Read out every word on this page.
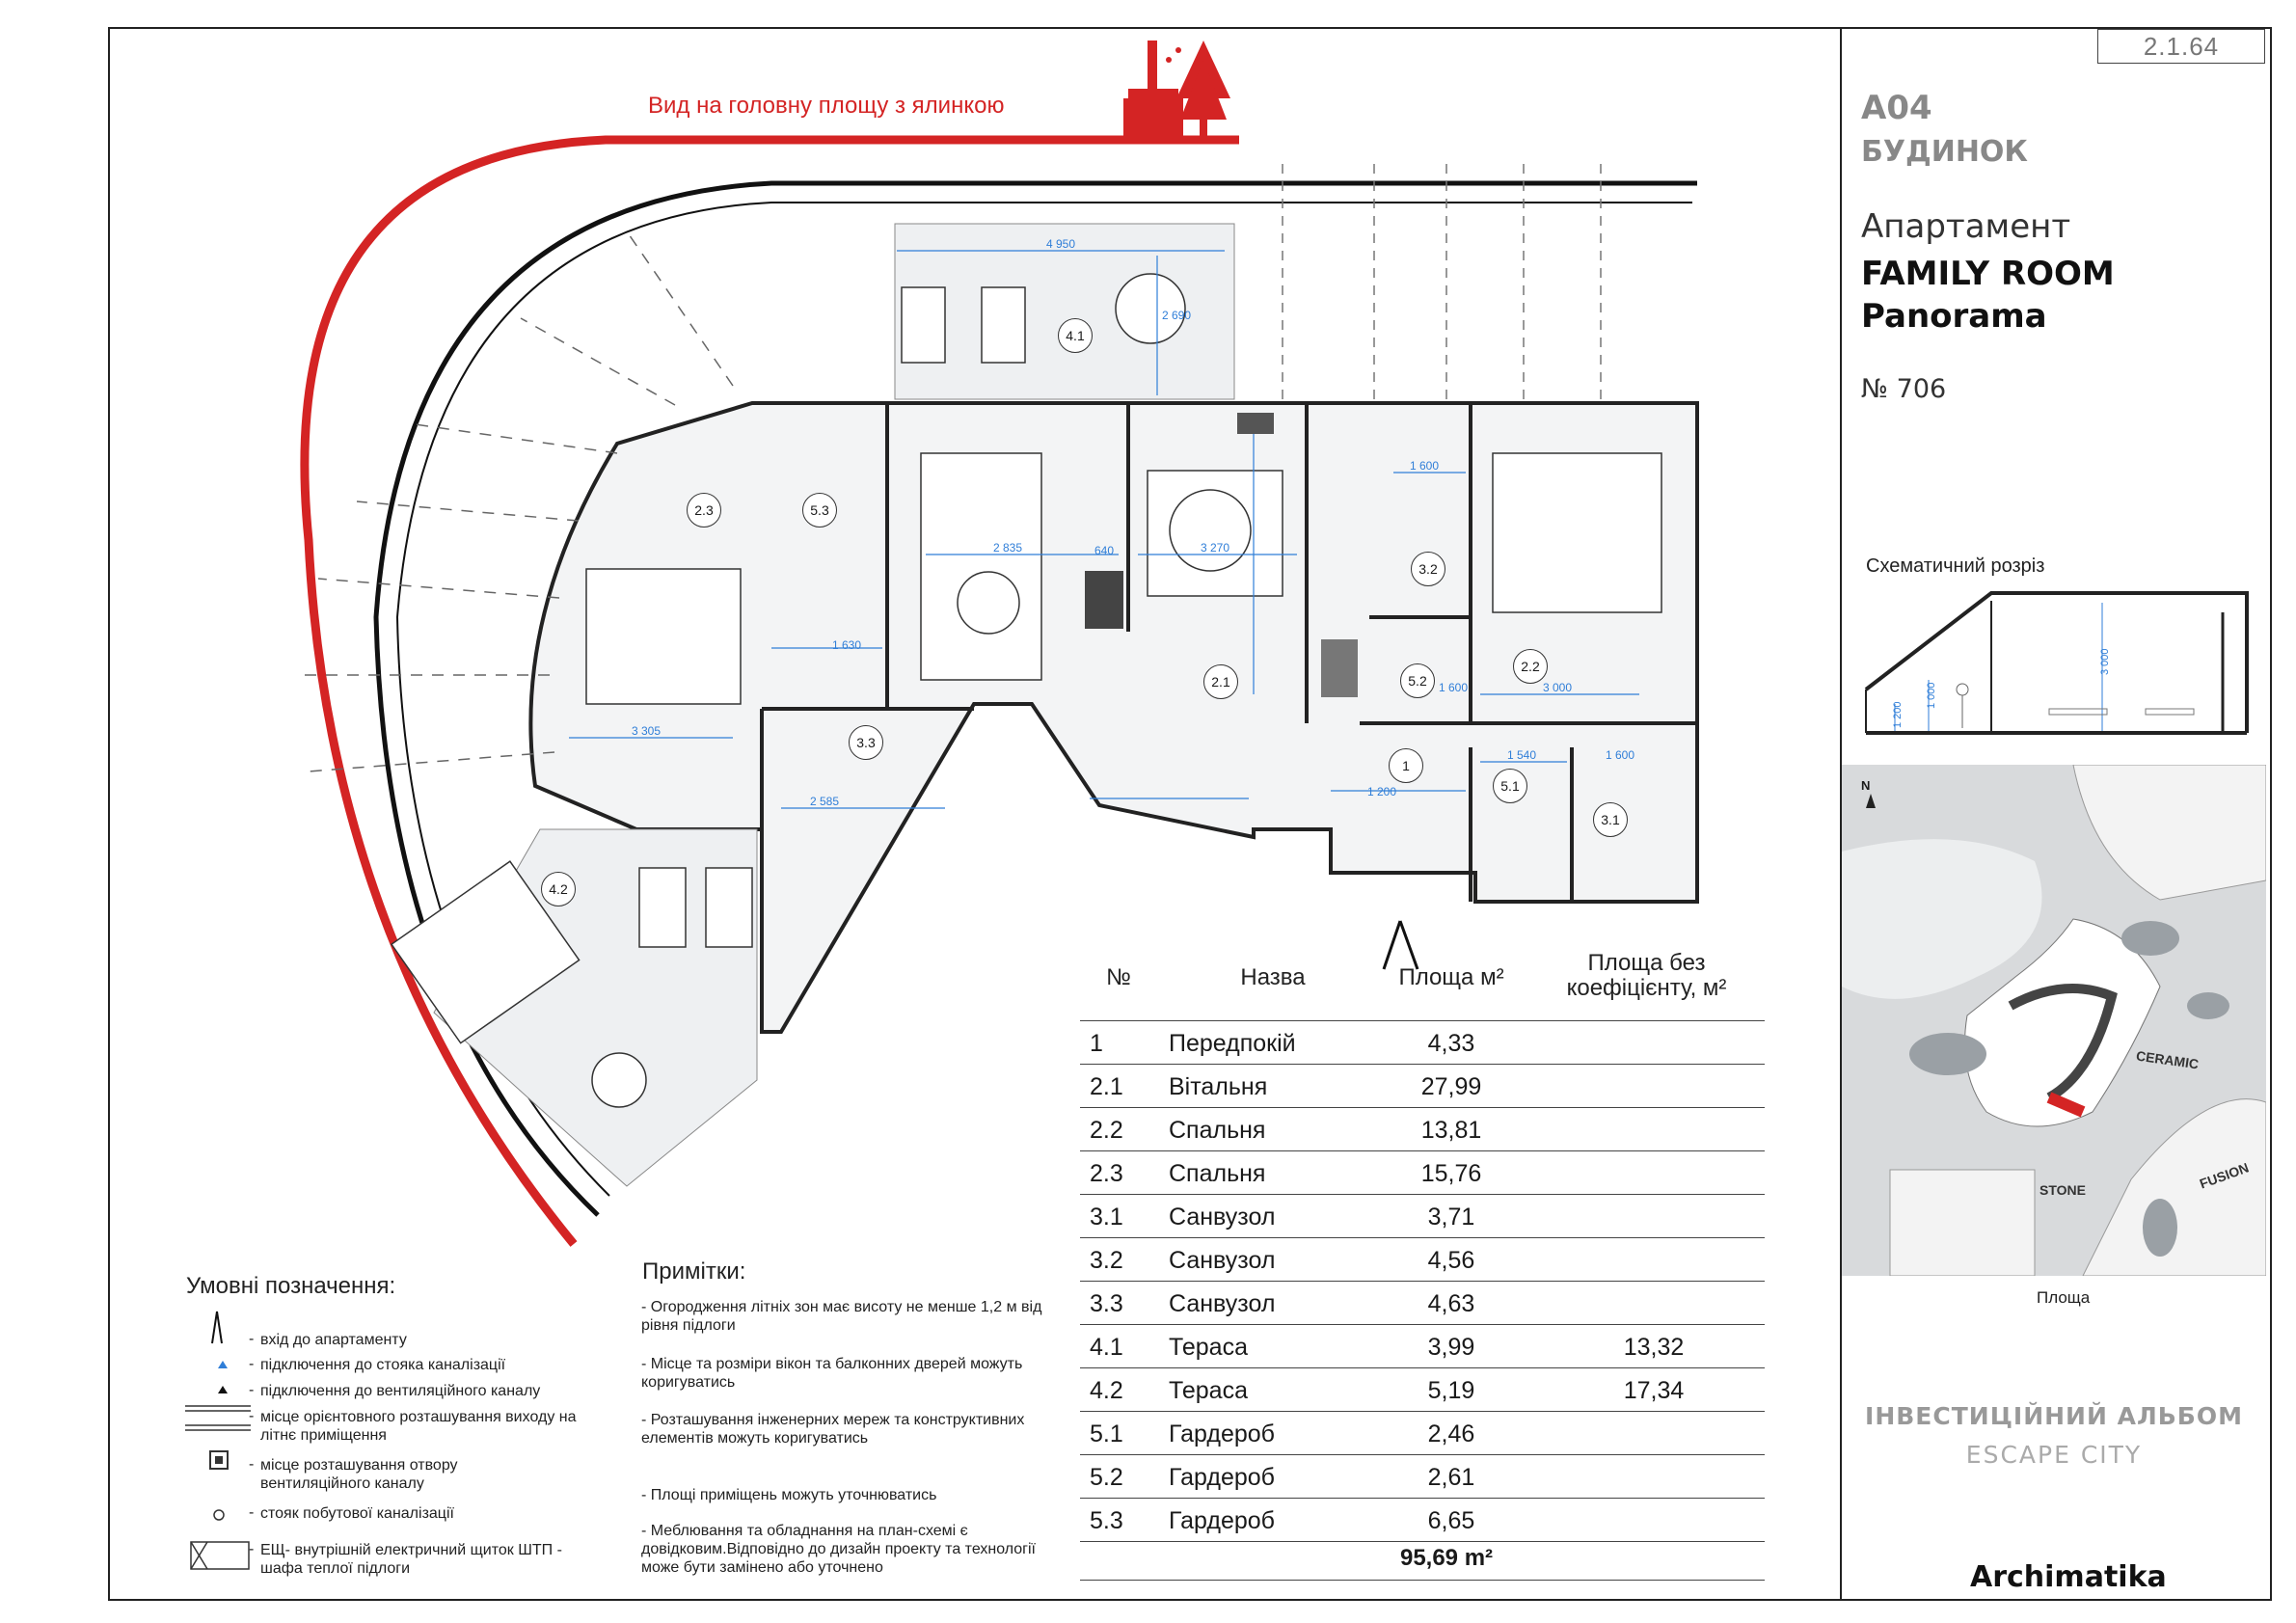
2.1.64
4.1
2.3	5.3
2.1
3.2
2.2
5.2
3.3
1
5.1
3.1
4.2
4 950
2 690
2 835	640	3 270
1 600
3 000
1 600
1 540	1 600
1 630
3 305
2 585
1 200
Вид на головну площу з ялинкою	A04
БУДИНОК
Апартамент
FAMILY ROOM
Panorama
№ 706
Схематичний розріз
1 200
1 000
3 000
N
CERAMIC
STONE	FUSION
Площа
ІНВЕСТИЦІЙНИЙ АЛЬБОМ
ESCAPE CITY
Archimatika
№	Назва	Площа м²
Площа без коефіцієнту, м²
1	Передпокій	4,33
2.1 Вітальня	27,99
2.2 Спальня	13,81
2.3 Спальня	15,76
3.1 Санвузол	3,71
3.2 Санвузол	4,56
3.3 Санвузол	4,63
4.1 Тераса	3,99	13,32
4.2 Тераса	5,19	17,34
5.1 Гардероб	2,46
5.2 Гардероб	2,61
5.3 Гардероб	6,65
95,69 m²
Умовні позначення:
вхід до апартаменту
підключення до стояка каналізації
підключення до вентиляційного каналу
місце орієнтовного розташування виходу на літнє приміщення
місце розташування отвору вентиляційного каналу
стояк побутової каналізації
ЕЩ- внутрішній електричний щиток ШТП - шафа теплої підлоги
-
-
-
-
-
-
-
Примітки:
- Огородження літніх зон має висоту не менше 1,2 м від рівня підлоги
- Місце та розміри вікон та балконних дверей можуть коригуватись
- Розташування інженерних мереж та конструктивних елементів можуть коригуватись
- Площі приміщень можуть уточнюватись
- Меблювання та обладнання на план-схемі є довідковим.Відповідно до дизайн проекту та технології може бути замінено або уточнено
